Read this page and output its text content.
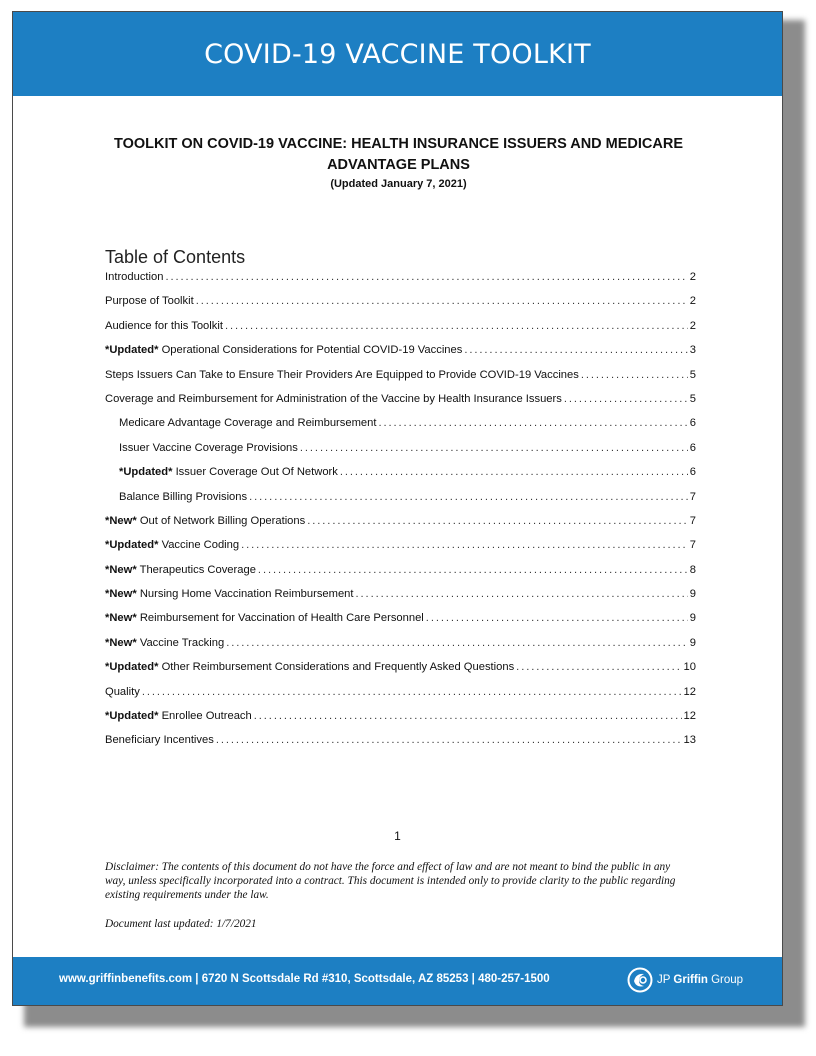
COVID-19 VACCINE TOOLKIT
TOOLKIT ON COVID-19 VACCINE: HEALTH INSURANCE ISSUERS AND MEDICARE ADVANTAGE PLANS
(Updated January 7, 2021)
Table of Contents
Introduction . . .	2
Purpose of Toolkit . . .	2
Audience for this Toolkit . . .	2
*Updated* Operational Considerations for Potential COVID-19 Vaccines . . .	3
Steps Issuers Can Take to Ensure Their Providers Are Equipped to Provide COVID-19 Vaccines . . .	5
Coverage and Reimbursement for Administration of the Vaccine by Health Insurance Issuers . . .	5
Medicare Advantage Coverage and Reimbursement . . .	6
Issuer Vaccine Coverage Provisions . . .	6
*Updated* Issuer Coverage Out Of Network . . .	6
Balance Billing Provisions . . .	7
*New* Out of Network Billing Operations . . .	7
*Updated* Vaccine Coding . . .	7
*New* Therapeutics Coverage . . .	8
*New* Nursing Home Vaccination Reimbursement . . .	9
*New* Reimbursement for Vaccination of Health Care Personnel . . .	9
*New* Vaccine Tracking . . .	9
*Updated* Other Reimbursement Considerations and Frequently Asked Questions . . .	10
Quality . . .	12
*Updated* Enrollee Outreach . . .	12
Beneficiary Incentives . . .	13
1
Disclaimer: The contents of this document do not have the force and effect of law and are not meant to bind the public in any way, unless specifically incorporated into a contract. This document is intended only to provide clarity to the public regarding existing requirements under the law.
Document last updated: 1/7/2021
www.griffinbenefits.com | 6720 N Scottsdale Rd #310, Scottsdale, AZ 85253 | 480-257-1500	JP Griffin Group
